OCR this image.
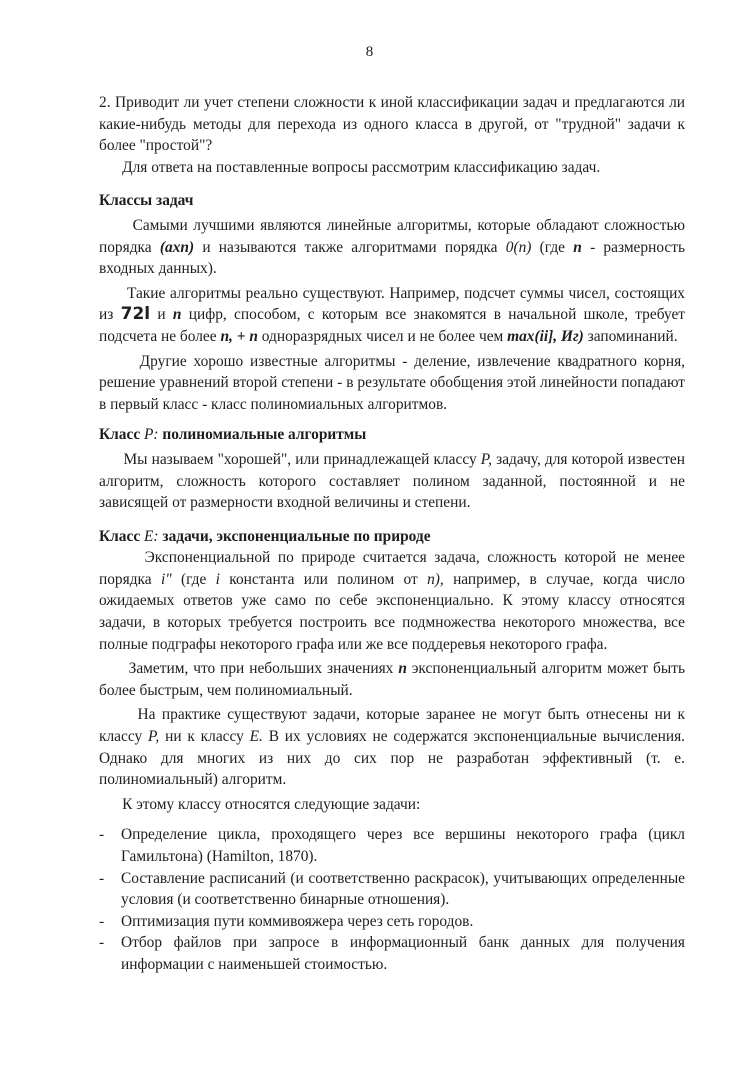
8

2. Приводит ли учет степени сложности к иной классификации задач и предлагаются ли какие-нибудь методы для перехода из одного класса в другой, от "трудной" задачи к более "простой"?

Для ответа на поставленные вопросы рассмотрим классификацию задач.

Классы задач

Самыми лучшими являются линейные алгоритмы, которые обладают сложностью порядка (axn) и называются также алгоритмами порядка 0(n) (где n - размерность входных данных).

Такие алгоритмы реально существуют. Например, подсчет суммы чисел, состоящих из 72l и n цифр, способом, с которым все знакомятся в начальной школе, требует подсчета не более n, + n одноразрядных чисел и не более чем max(ii], Иг) запоминаний.

Другие хорошо известные алгоритмы - деление, извлечение квадратного корня, решение уравнений второй степени - в результате обобщения этой линейности попадают в первый класс - класс полиномиальных алгоритмов.

Класс P: полиномиальные алгоритмы

Мы называем "хорошей", или принадлежащей классу P, задачу, для которой известен алгоритм, сложность которого составляет полином заданной, постоянной и не зависящей от размерности входной величины и степени.

Класс E: задачи, экспоненциальные по природе

Экспоненциальной по природе считается задача, сложность которой не менее порядка i" (где i константа или полином от n), например, в случае, когда число ожидаемых ответов уже само по себе экспоненциально. К этому классу относятся задачи, в которых требуется построить все подмножества некоторого множества, все полные подграфы некоторого графа или же все поддеревья некоторого графа.

Заметим, что при небольших значениях n экспоненциальный алгоритм может быть более быстрым, чем полиномиальный.

На практике существуют задачи, которые заранее не могут быть отнесены ни к классу P, ни к классу E. В их условиях не содержатся экспоненциальные вычисления. Однако для многих из них до сих пор не разработан эффективный (т. е. полиномиальный) алгоритм.

К этому классу относятся следующие задачи:

- Определение цикла, проходящего через все вершины некоторого графа (цикл Гамильтона) (Hamilton, 1870).
- Составление расписаний (и соответственно раскрасок), учитывающих определенные условия (и соответственно бинарные отношения).
- Оптимизация пути коммивояжера через сеть городов.
- Отбор файлов при запросе в информационный банк данных для получения информации с наименьшей стоимостью.
